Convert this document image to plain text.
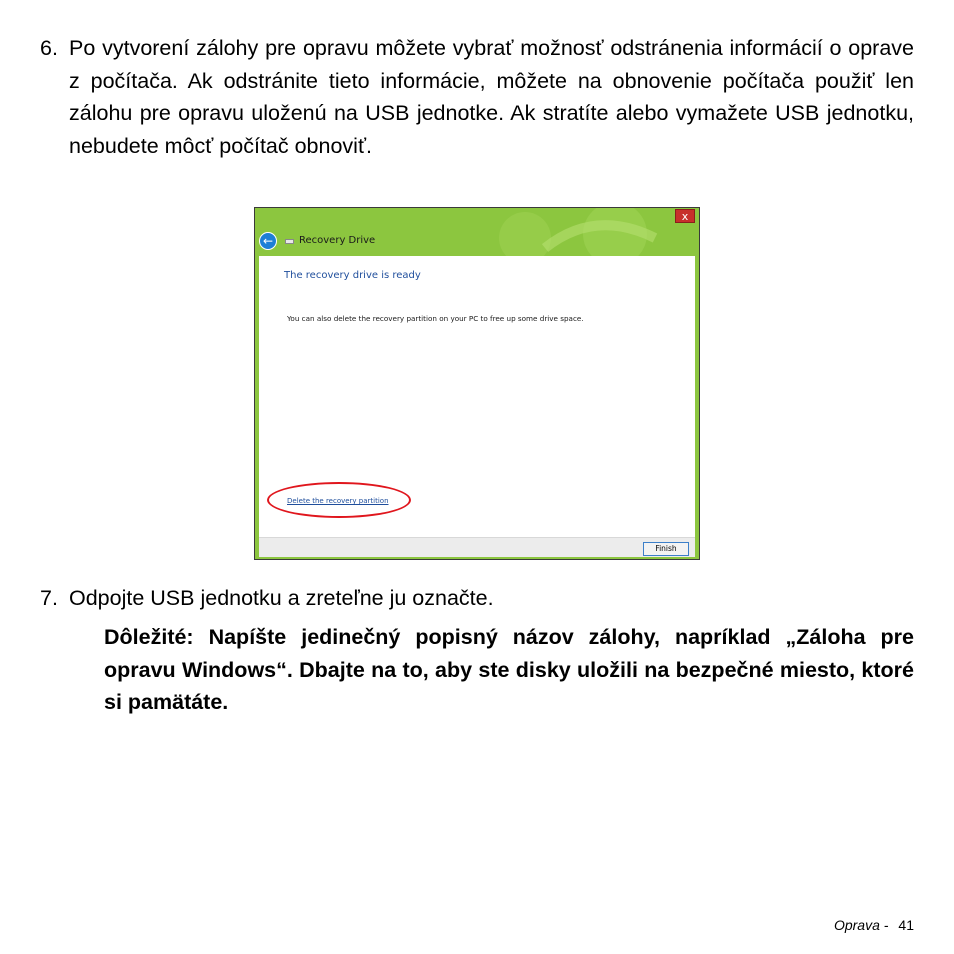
6. Po vytvorení zálohy pre opravu môžete vybrať možnosť odstránenia informácií o oprave z počítača. Ak odstránite tieto informácie, môžete na obnovenie počítača použiť len zálohu pre opravu uloženú na USB jednotke. Ak stratíte alebo vymažete USB jednotku, nebudete môcť počítač obnoviť.
x
←	Recovery Drive
The recovery drive is ready
You can also delete the recovery partition on your PC to free up some drive space.
Delete the recovery partition
Finish
7. Odpojte USB jednotku a zreteľne ju označte.
Dôležité: Napíšte jedinečný popisný názov zálohy, napríklad „Záloha pre opravu Windows“. Dbajte na to, aby ste disky uložili na bezpečné miesto, ktoré si pamätáte.
Oprava - 41
